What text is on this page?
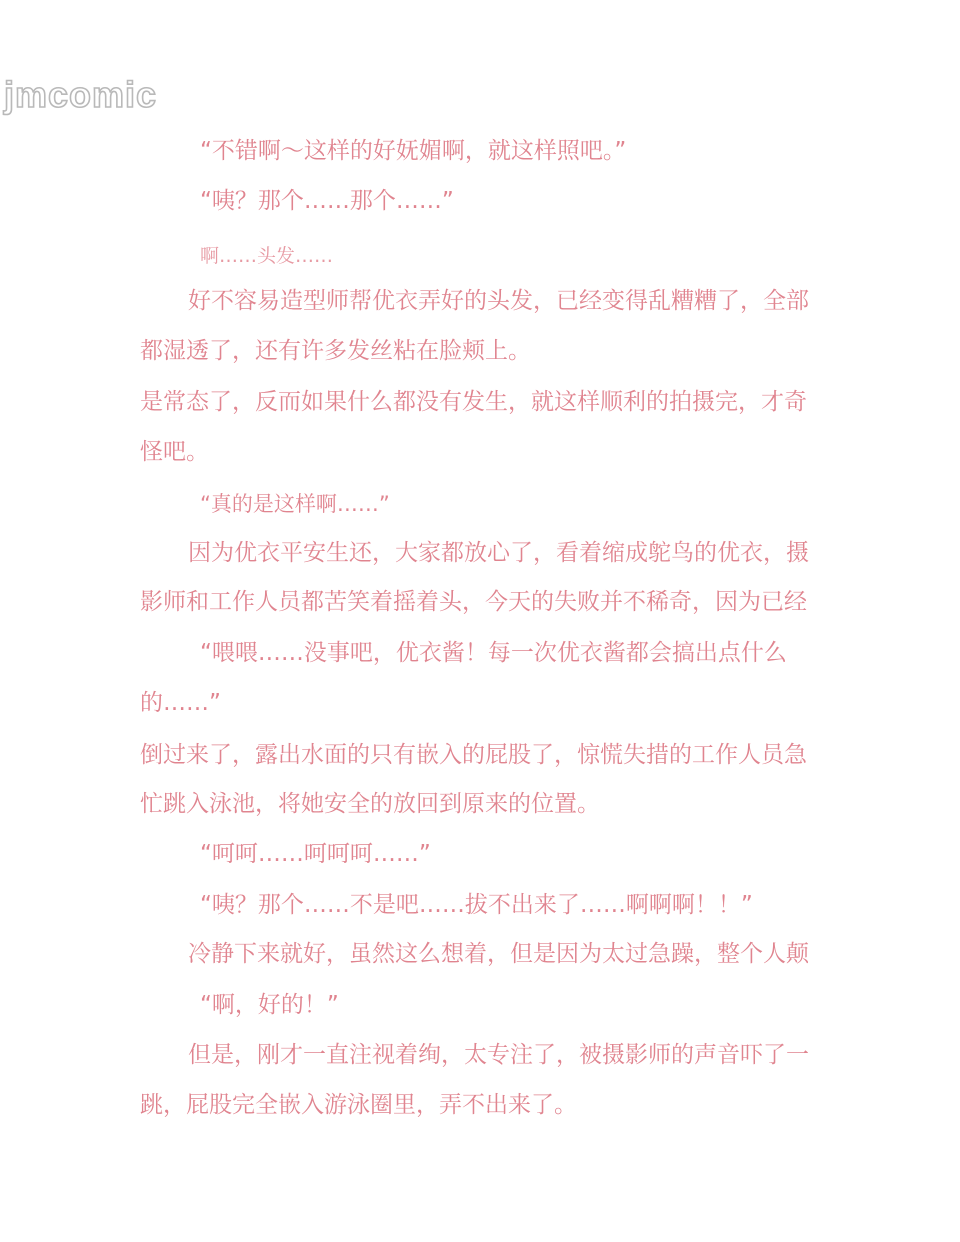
jmcomic
“不错啊～这样的好妩媚啊，就这样照吧。”
“咦？那个……那个……”
啊……头发……
好不容易造型师帮优衣弄好的头发，已经变得乱糟糟了，全部
都湿透了，还有许多发丝粘在脸颊上。
是常态了，反而如果什么都没有发生，就这样顺利的拍摄完，才奇
怪吧。
“真的是这样啊……”
因为优衣平安生还，大家都放心了，看着缩成鸵鸟的优衣，摄
影师和工作人员都苦笑着摇着头，今天的失败并不稀奇，因为已经
“喂喂……没事吧，优衣酱！每一次优衣酱都会搞出点什么
的……”
倒过来了，露出水面的只有嵌入的屁股了，惊慌失措的工作人员急
忙跳入泳池，将她安全的放回到原来的位置。
“呵呵……呵呵呵……”
“咦？那个……不是吧……拔不出来了……啊啊啊！！”
冷静下来就好，虽然这么想着，但是因为太过急躁，整个人颠
“啊，好的！”
但是，刚才一直注视着绚，太专注了，被摄影师的声音吓了一
跳，屁股完全嵌入游泳圈里，弄不出来了。
